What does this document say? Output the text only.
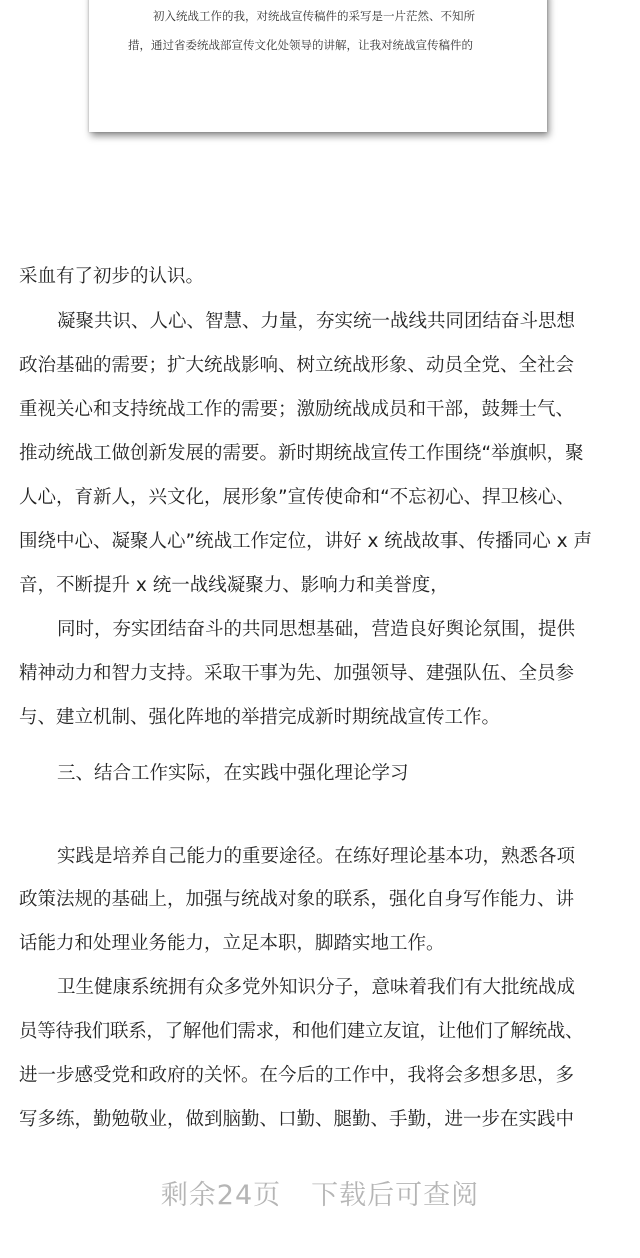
初入统战工作的我，对统战宣传稿件的采写是一片茫然、不知所
措，通过省委统战部宣传文化处领导的讲解，让我对统战宣传稿件的
采血有了初步的认识。
凝聚共识、人心、智慧、力量，夯实统一战线共同团结奋斗思想
政治基础的需要；扩大统战影响、树立统战形象、动员全党、全社会
重视关心和支持统战工作的需要；激励统战成员和干部，鼓舞士气、
推动统战工做创新发展的需要。新时期统战宣传工作围绕“举旗帜，聚
人心，育新人，兴文化，展形象”宣传使命和“不忘初心、捍卫核心、
围绕中心、凝聚人心”统战工作定位，讲好 x 统战故事、传播同心 x 声
音，不断提升 x 统一战线凝聚力、影响力和美誉度，
同时，夯实团结奋斗的共同思想基础，营造良好舆论氛围，提供
精神动力和智力支持。采取干事为先、加强领导、建强队伍、全员参
与、建立机制、强化阵地的举措完成新时期统战宣传工作。
三、结合工作实际，在实践中强化理论学习
实践是培养自己能力的重要途径。在练好理论基本功，熟悉各项
政策法规的基础上，加强与统战对象的联系，强化自身写作能力、讲
话能力和处理业务能力，立足本职，脚踏实地工作。
卫生健康系统拥有众多党外知识分子，意味着我们有大批统战成
员等待我们联系，了解他们需求，和他们建立友谊，让他们了解统战、
进一步感受党和政府的关怀。在今后的工作中，我将会多想多思，多
写多练，勤勉敬业，做到脑勤、口勤、腿勤、手勤，进一步在实践中
剩余24页 下载后可查阅
